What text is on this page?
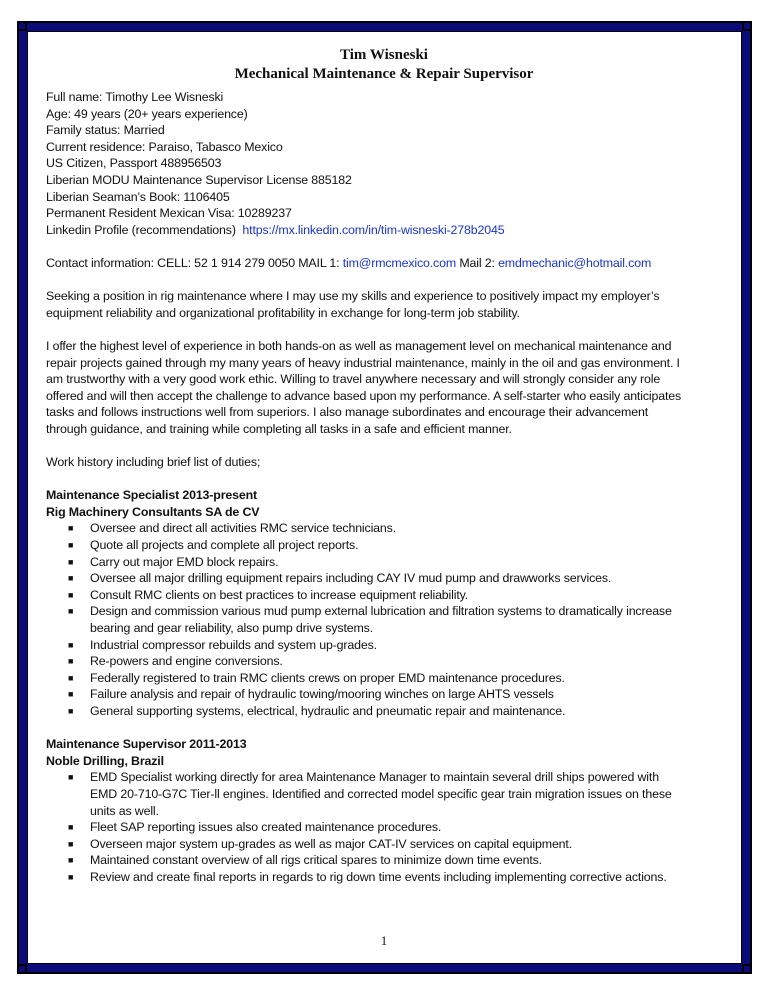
Tim Wisneski
Mechanical Maintenance & Repair Supervisor
Full name: Timothy Lee Wisneski
Age: 49 years (20+ years experience)
Family status: Married
Current residence: Paraiso, Tabasco Mexico
US Citizen, Passport 488956503
Liberian MODU Maintenance Supervisor License 885182
Liberian Seaman’s Book: 1106405
Permanent Resident Mexican Visa: 10289237
Linkedin Profile (recommendations) https://mx.linkedin.com/in/tim-wisneski-278b2045
Contact information: CELL: 52 1 914 279 0050 MAIL 1: tim@rmcmexico.com Mail 2: emdmechanic@hotmail.com
Seeking a position in rig maintenance where I may use my skills and experience to positively impact my employer’s
equipment reliability and organizational profitability in exchange for long-term job stability.
I offer the highest level of experience in both hands-on as well as management level on mechanical maintenance and
repair projects gained through my many years of heavy industrial maintenance, mainly in the oil and gas environment. I
am trustworthy with a very good work ethic. Willing to travel anywhere necessary and will strongly consider any role
offered and will then accept the challenge to advance based upon my performance. A self-starter who easily anticipates
tasks and follows instructions well from superiors. I also manage subordinates and encourage their advancement
through guidance, and training while completing all tasks in a safe and efficient manner.
Work history including brief list of duties;
Maintenance Specialist 2013-present
Rig Machinery Consultants SA de CV
■ Oversee and direct all activities RMC service technicians.
■ Quote all projects and complete all project reports.
■ Carry out major EMD block repairs.
■ Oversee all major drilling equipment repairs including CAY IV mud pump and drawworks services.
■ Consult RMC clients on best practices to increase equipment reliability.
■ Design and commission various mud pump external lubrication and filtration systems to dramatically increase
bearing and gear reliability, also pump drive systems.
■ Industrial compressor rebuilds and system up-grades.
■ Re-powers and engine conversions.
■ Federally registered to train RMC clients crews on proper EMD maintenance procedures.
■ Failure analysis and repair of hydraulic towing/mooring winches on large AHTS vessels
■ General supporting systems, electrical, hydraulic and pneumatic repair and maintenance.
Maintenance Supervisor 2011-2013
Noble Drilling, Brazil
■ EMD Specialist working directly for area Maintenance Manager to maintain several drill ships powered with
EMD 20-710-G7C Tier-ll engines. Identified and corrected model specific gear train migration issues on these
units as well.
■ Fleet SAP reporting issues also created maintenance procedures.
■ Overseen major system up-grades as well as major CAT-IV services on capital equipment.
■ Maintained constant overview of all rigs critical spares to minimize down time events.
■ Review and create final reports in regards to rig down time events including implementing corrective actions.
1
